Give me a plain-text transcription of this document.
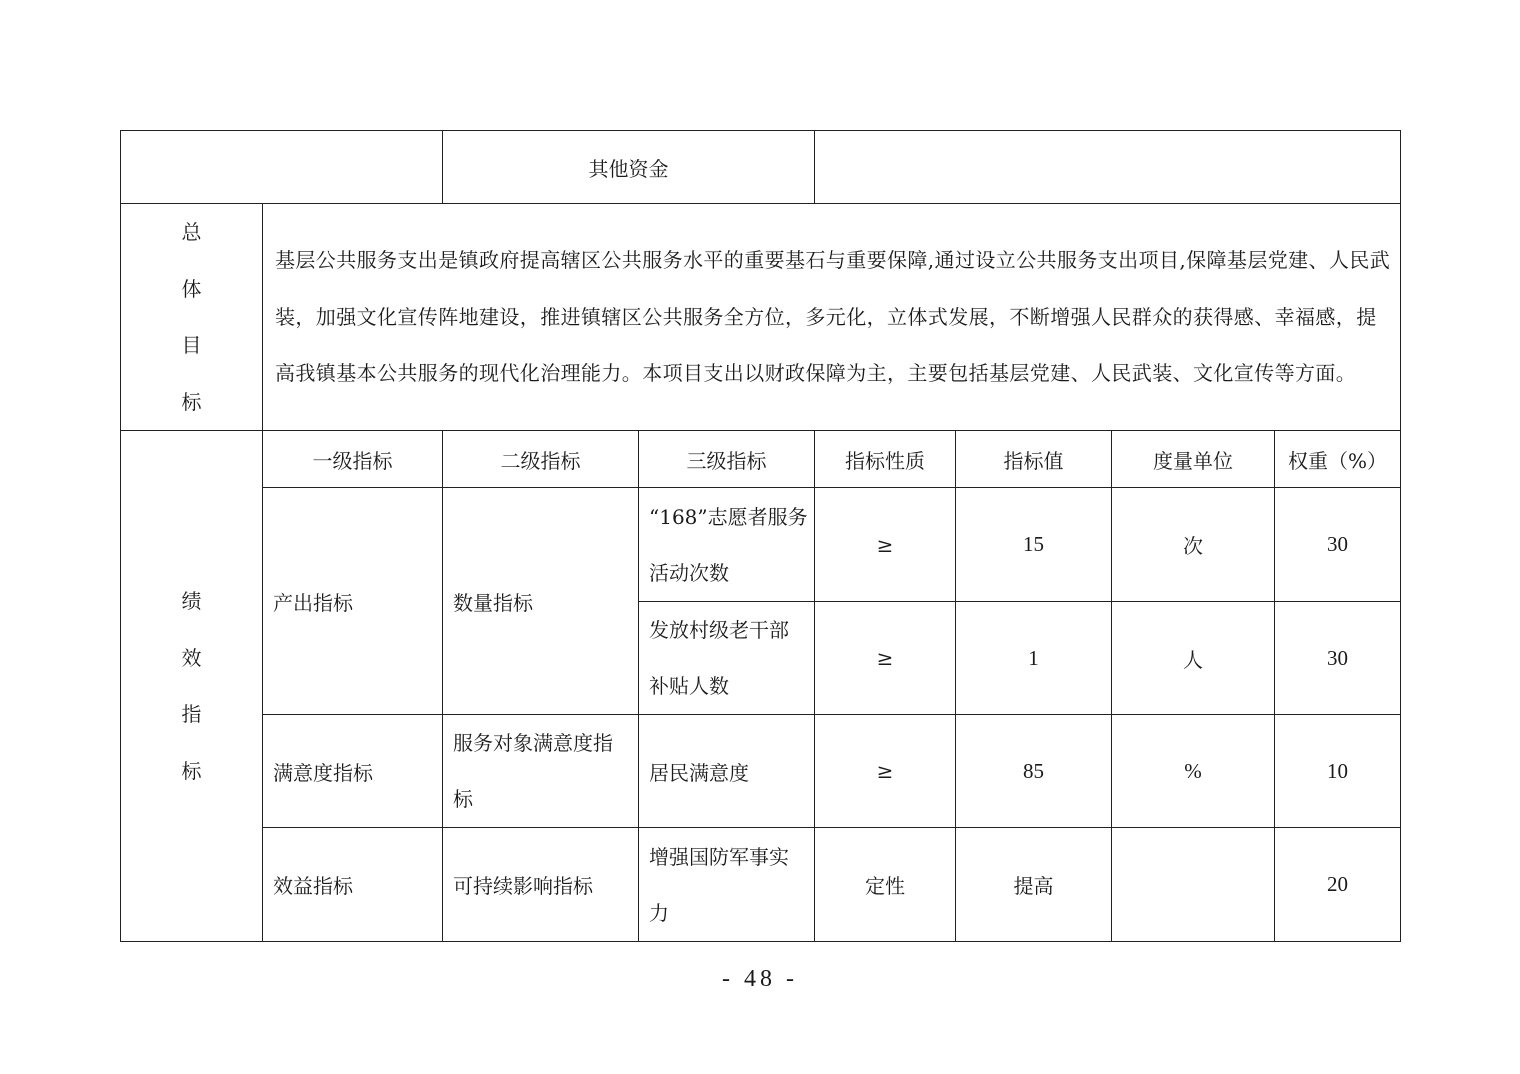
		其他资金					
总
体
目
标	基层公共服务支出是镇政府提高辖区公共服务水平的重要基石与重要保障,通过设立公共服务支出项目,保障基层党建、人民武装，加强文化宣传阵地建设，推进镇辖区公共服务全方位，多元化，立体式发展，不断增强人民群众的获得感、幸福感，提高我镇基本公共服务的现代化治理能力。本项目支出以财政保障为主，主要包括基层党建、人民武装、文化宣传等方面。						
绩
效
指
标	一级指标	二级指标	三级指标	指标性质	指标值	度量单位	权重（%）
	产出指标	数量指标	“168”志愿者服务活动次数	≥	15	次	30
			发放村级老干部补贴人数	≥	1	人	30
	满意度指标	服务对象满意度指标	居民满意度	≥	85	%	10
	效益指标	可持续影响指标	增强国防军事实力	定性	提高		20
- 48 -
